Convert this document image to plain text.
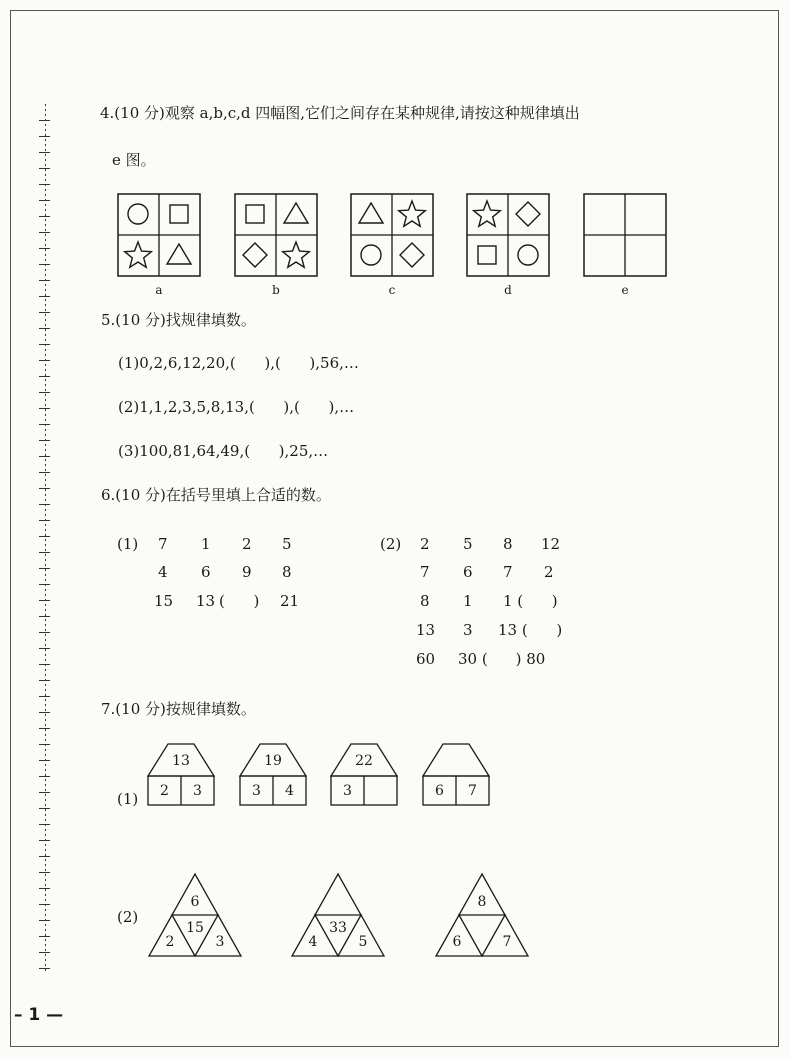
4.(10 分)观察 a,b,c,d 四幅图,它们之间存在某种规律,请按这种规律填出
e 图。
a	b	c	d	e
5.(10 分)找规律填数。
(1)0,2,6,12,20,(      ),(      ),56,…
(2)1,1,2,3,5,8,13,(      ),(      ),…
(3)100,81,64,49,(      ),25,…
6.(10 分)在括号里填上合适的数。
(1) 7 1 2 5
4 6 9 8
15 13 (      ) 21
(2) 2 5 8 12
7 6 7 2
8 1 1 (      )
13 3 13 (      )
60 30 ( ) 80
7.(10 分)按规律填数。
(1)
(2)
13
2 3
19
3 4
22
3	6 7
6
15
2	3
33
4	5
8
6	7
– 1 —
